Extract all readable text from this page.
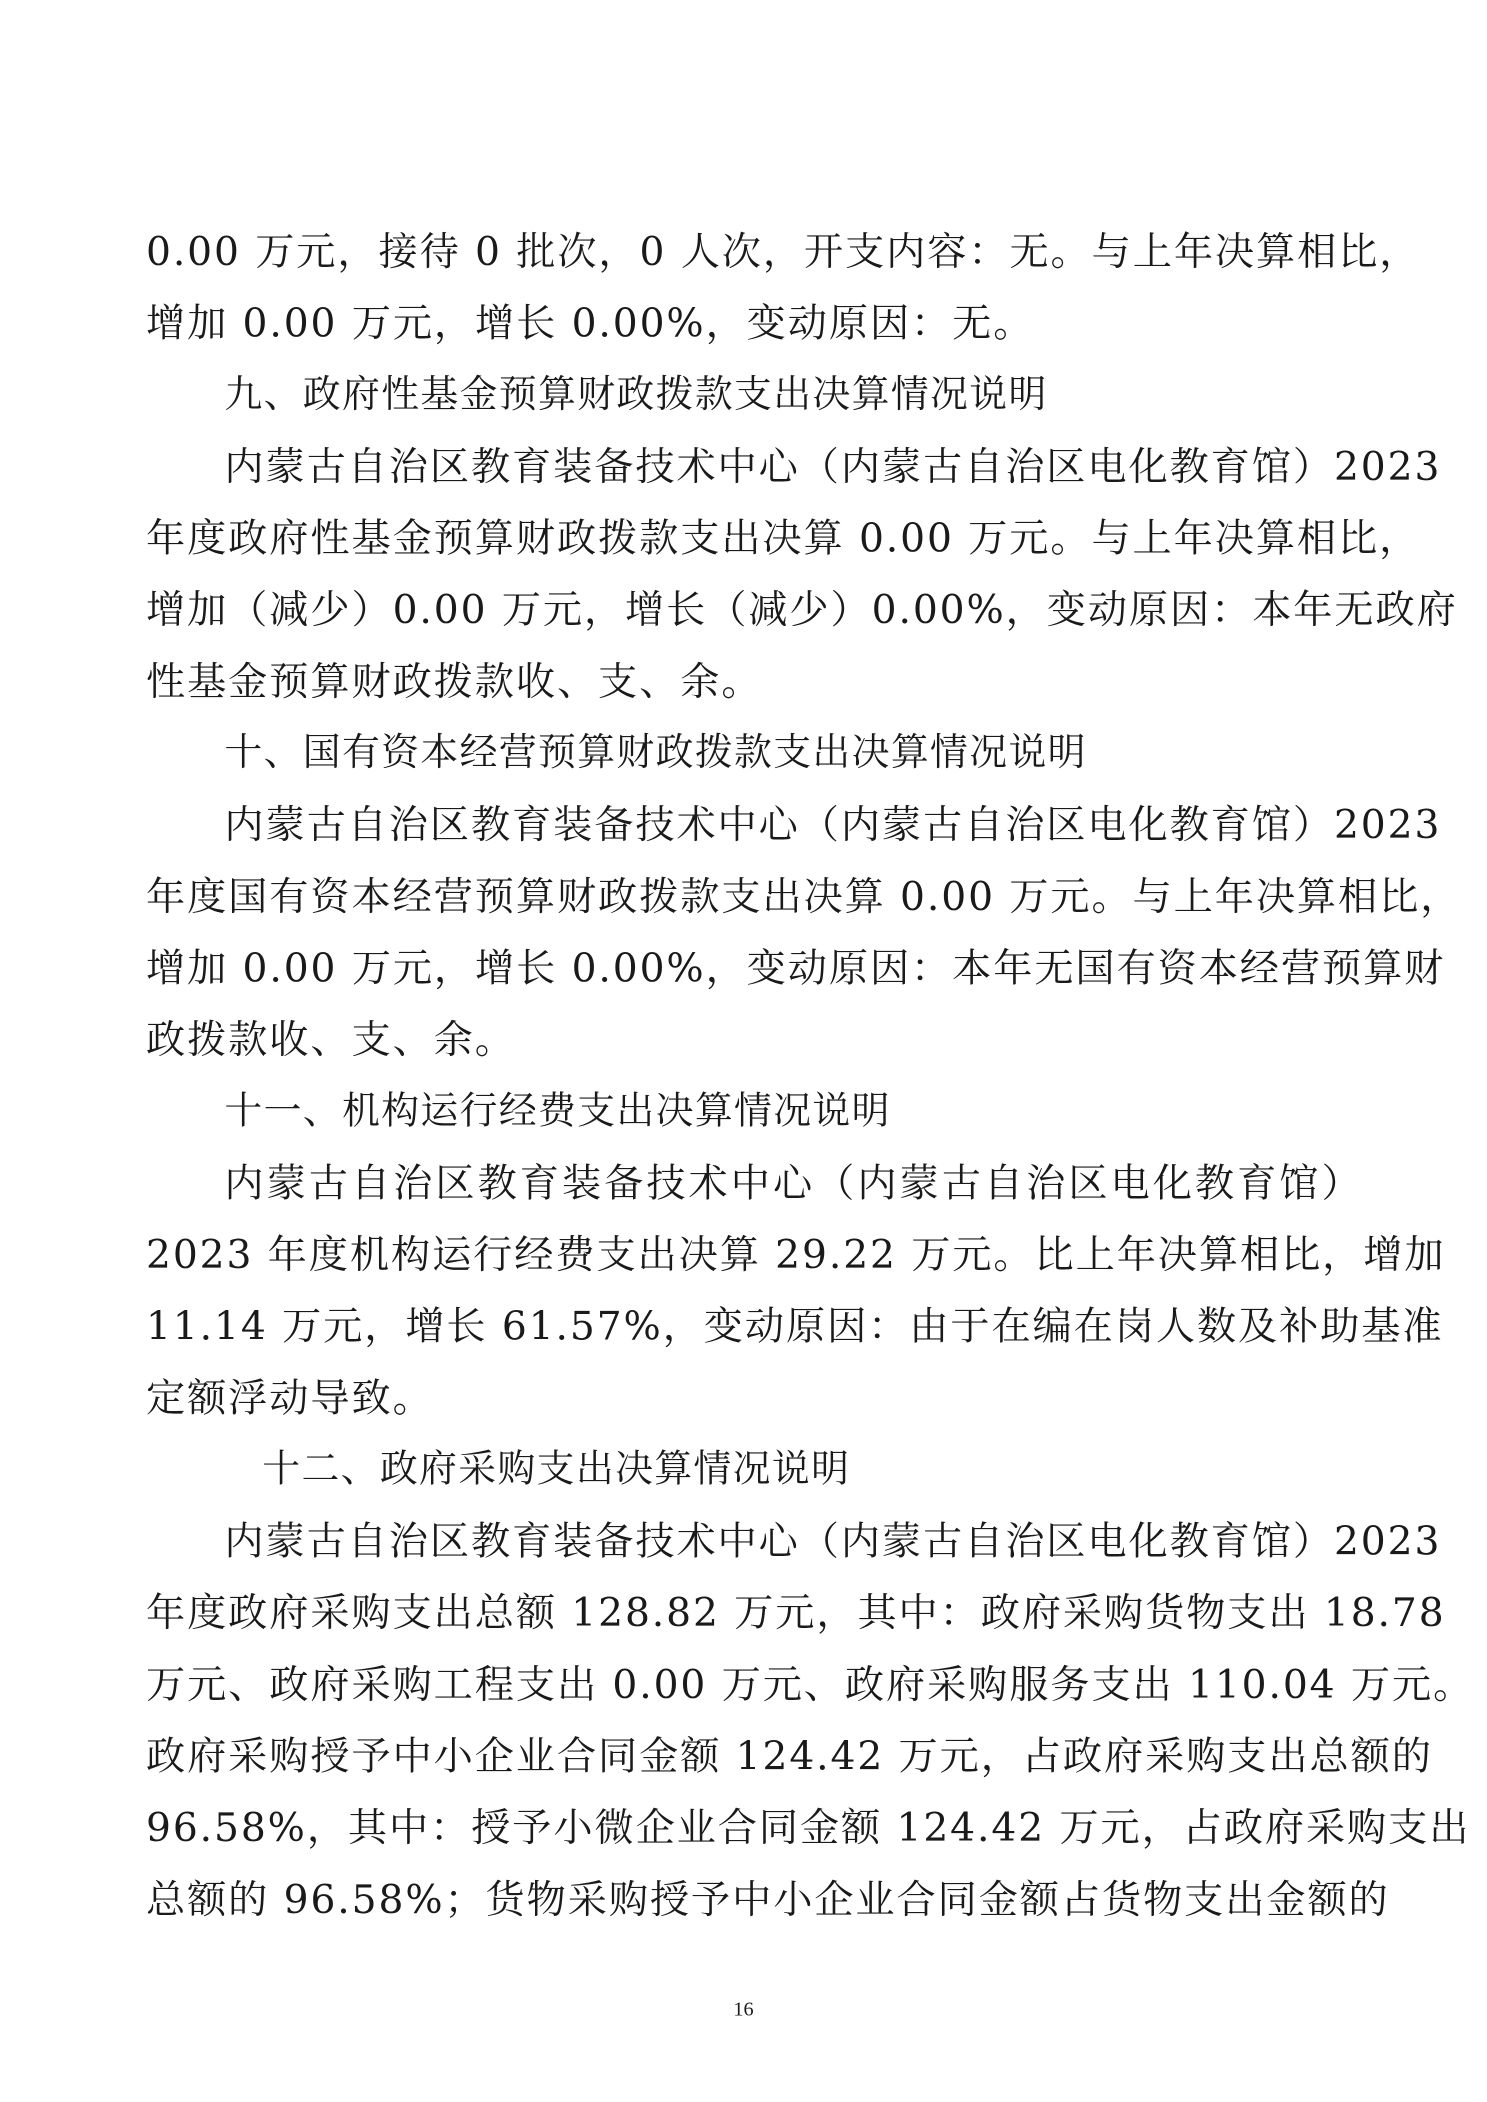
0.00 万元，接待 0 批次，0 人次，开支内容：无。与上年决算相比，
增加 0.00 万元，增长 0.00%，变动原因：无。
九、政府性基金预算财政拨款支出决算情况说明
内蒙古自治区教育装备技术中心（内蒙古自治区电化教育馆）2023
年度政府性基金预算财政拨款支出决算 0.00 万元。与上年决算相比，
增加（减少）0.00 万元，增长（减少）0.00%，变动原因：本年无政府
性基金预算财政拨款收、支、余。
十、国有资本经营预算财政拨款支出决算情况说明
内蒙古自治区教育装备技术中心（内蒙古自治区电化教育馆）2023
年度国有资本经营预算财政拨款支出决算 0.00 万元。与上年决算相比，
增加 0.00 万元，增长 0.00%，变动原因：本年无国有资本经营预算财
政拨款收、支、余。
十一、机构运行经费支出决算情况说明
内蒙古自治区教育装备技术中心（内蒙古自治区电化教育馆）
2023 年度机构运行经费支出决算 29.22 万元。比上年决算相比，增加
11.14 万元，增长 61.57%，变动原因：由于在编在岗人数及补助基准
定额浮动导致。
十二、政府采购支出决算情况说明
内蒙古自治区教育装备技术中心（内蒙古自治区电化教育馆）2023
年度政府采购支出总额 128.82 万元，其中：政府采购货物支出 18.78
万元、政府采购工程支出 0.00 万元、政府采购服务支出 110.04 万元。
政府采购授予中小企业合同金额 124.42 万元，占政府采购支出总额的
96.58%，其中：授予小微企业合同金额 124.42 万元，占政府采购支出
总额的 96.58%；货物采购授予中小企业合同金额占货物支出金额的
16
